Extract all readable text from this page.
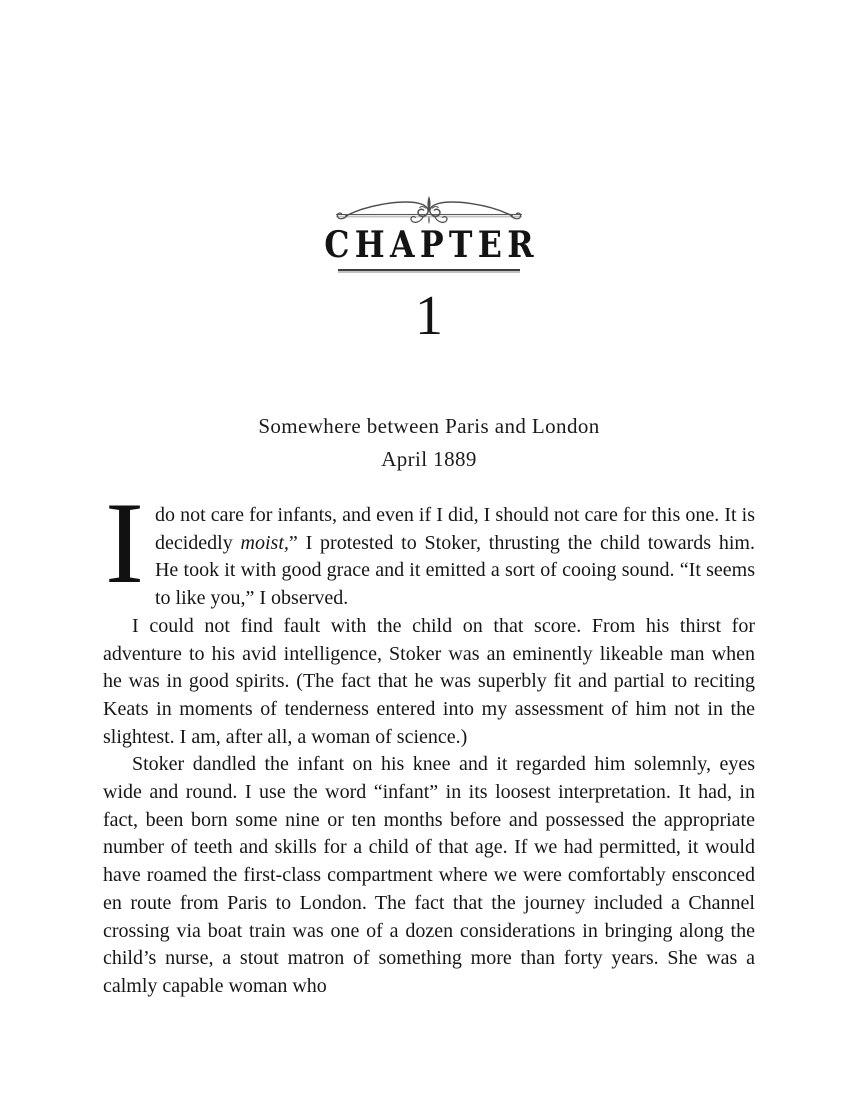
CHAPTER
1
Somewhere between Paris and London
April 1889

Ido not care for infants, and even if I did, I should not care for this one. It is decidedly moist,” I protested to Stoker, thrusting the child towards him. He took it with good grace and it emitted a sort of cooing sound. “It seems to like you,” I observed.

I could not find fault with the child on that score. From his thirst for adventure to his avid intelligence, Stoker was an eminently likeable man when he was in good spirits. (The fact that he was superbly fit and partial to reciting Keats in moments of tenderness entered into my assessment of him not in the slightest. I am, after all, a woman of science.)

Stoker dandled the infant on his knee and it regarded him solemnly, eyes wide and round. I use the word “infant” in its loosest interpretation. It had, in fact, been born some nine or ten months before and possessed the appropriate number of teeth and skills for a child of that age. If we had permitted, it would have roamed the first-class compartment where we were comfortably ensconced en route from Paris to London. The fact that the journey included a Channel crossing via boat train was one of a dozen considerations in bringing along the child’s nurse, a stout matron of something more than forty years. She was a calmly capable woman who
